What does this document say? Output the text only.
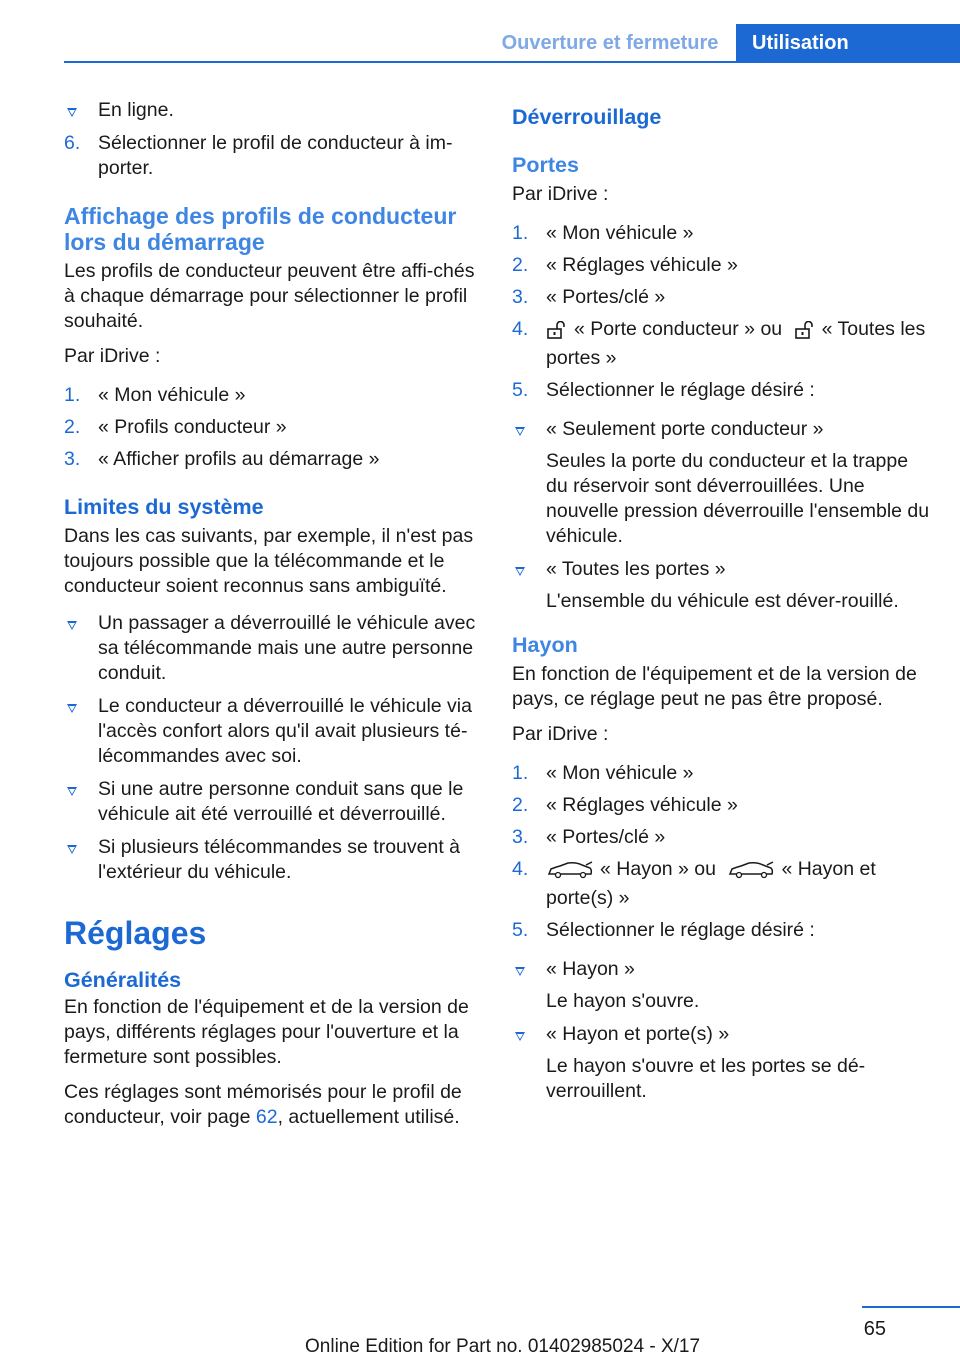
Ouverture et fermeture	Utilisation
En ligne.
6. Sélectionner le profil de conducteur à im-porter.
Affichage des profils de conducteur lors du démarrage

Les profils de conducteur peuvent être affi-chés à chaque démarrage pour sélectionner le profil souhaité.

Par iDrive :

1. « Mon véhicule »
2. « Profils conducteur »
3. « Afficher profils au démarrage »
Limites du système

Dans les cas suivants, par exemple, il n'est pas toujours possible que la télécommande et le conducteur soient reconnus sans ambiguïté.

Un passager a déverrouillé le véhicule avec sa télécommande mais une autre personne conduit.
Le conducteur a déverrouillé le véhicule via l'accès confort alors qu'il avait plusieurs té-lécommandes avec soi.
Si une autre personne conduit sans que le véhicule ait été verrouillé et déverrouillé.
Si plusieurs télécommandes se trouvent à l'extérieur du véhicule.
Réglages
Généralités

En fonction de l'équipement et de la version de pays, différents réglages pour l'ouverture et la fermeture sont possibles.

Ces réglages sont mémorisés pour le profil de conducteur, voir page 62, actuellement utilisé.

Déverrouillage
Portes

Par iDrive :

1. « Mon véhicule »
2. « Réglages véhicule »
3. « Portes/clé »
4. « Porte conducteur » ou « Toutes les portes »
5. Sélectionner le réglage désiré :
« Seulement porte conducteur »

Seules la porte du conducteur et la trappe du réservoir sont déverrouillées. Une nouvelle pression déverrouille l'ensemble du véhicule.

« Toutes les portes »

L'ensemble du véhicule est déver-rouillé.

Hayon

En fonction de l'équipement et de la version de pays, ce réglage peut ne pas être proposé.

Par iDrive :

1. « Mon véhicule »
2. « Réglages véhicule »
3. « Portes/clé »
4.	« Hayon » ou	« Hayon et porte(s) »
5. Sélectionner le réglage désiré :
« Hayon »

Le hayon s'ouvre.

« Hayon et porte(s) »

Le hayon s'ouvre et les portes se dé-verrouillent.

65
Online Edition for Part no. 01402985024 - X/17
